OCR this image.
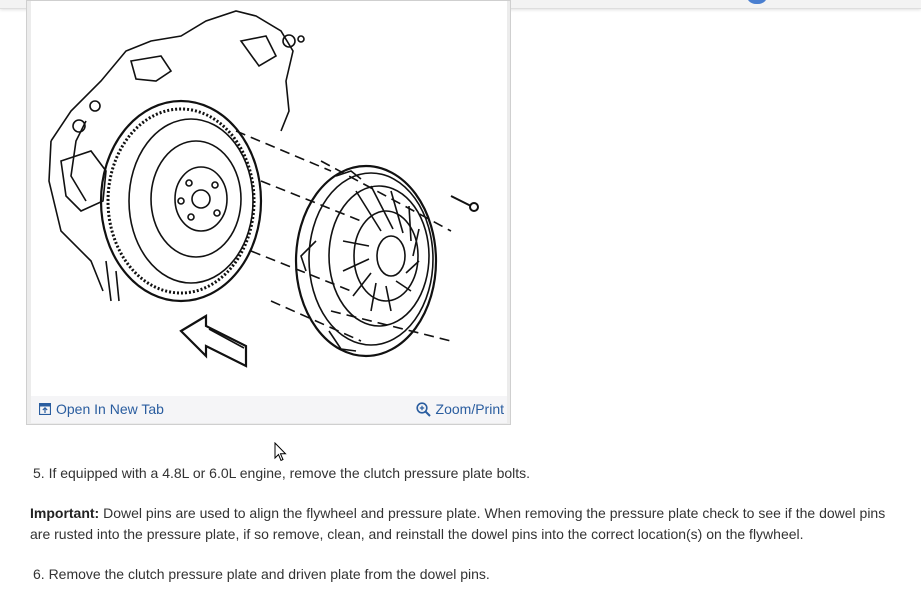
Open In New Tab	Zoom/Print
5. If equipped with a 4.8L or 6.0L engine, remove the clutch pressure plate bolts.
Important: Dowel pins are used to align the flywheel and pressure plate. When removing the pressure plate check to see if the dowel pins are rusted into the pressure plate, if so remove, clean, and reinstall the dowel pins into the correct location(s) on the flywheel.
6. Remove the clutch pressure plate and driven plate from the dowel pins.
